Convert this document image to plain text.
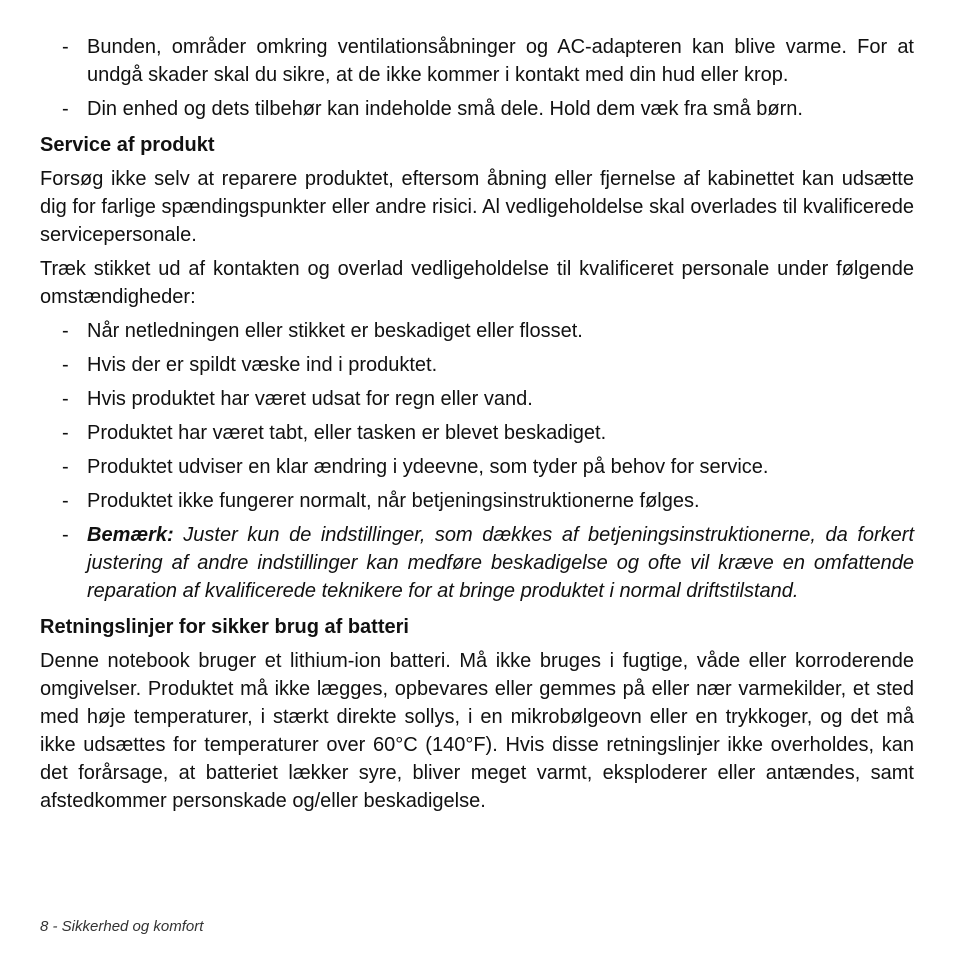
- Bunden, områder omkring ventilationsåbninger og AC-adapteren kan blive varme. For at undgå skader skal du sikre, at de ikke kommer i kontakt med din hud eller krop.
- Din enhed og dets tilbehør kan indeholde små dele. Hold dem væk fra små børn.
Service af produkt

Forsøg ikke selv at reparere produktet, eftersom åbning eller fjernelse af kabinettet kan udsætte dig for farlige spændingspunkter eller andre risici. Al vedligeholdelse skal overlades til kvalificerede servicepersonale.

Træk stikket ud af kontakten og overlad vedligeholdelse til kvalificeret personale under følgende omstændigheder:

- Når netledningen eller stikket er beskadiget eller flosset.
- Hvis der er spildt væske ind i produktet.
- Hvis produktet har været udsat for regn eller vand.
- Produktet har været tabt, eller tasken er blevet beskadiget.
- Produktet udviser en klar ændring i ydeevne, som tyder på behov for service.
- Produktet ikke fungerer normalt, når betjeningsinstruktionerne følges.
- Bemærk: Juster kun de indstillinger, som dækkes af betjeningsinstruktionerne, da forkert justering af andre indstillinger kan medføre beskadigelse og ofte vil kræve en omfattende reparation af kvalificerede teknikere for at bringe produktet i normal driftstilstand.
Retningslinjer for sikker brug af batteri

Denne notebook bruger et lithium-ion batteri. Må ikke bruges i fugtige, våde eller korroderende omgivelser. Produktet må ikke lægges, opbevares eller gemmes på eller nær varmekilder, et sted med høje temperaturer, i stærkt direkte sollys, i en mikrobølgeovn eller en trykkoger, og det må ikke udsættes for temperaturer over 60°C (140°F). Hvis disse retningslinjer ikke overholdes, kan det forårsage, at batteriet lækker syre, bliver meget varmt, eksploderer eller antændes, samt afstedkommer personskade og/eller beskadigelse.

8 - Sikkerhed og komfort
